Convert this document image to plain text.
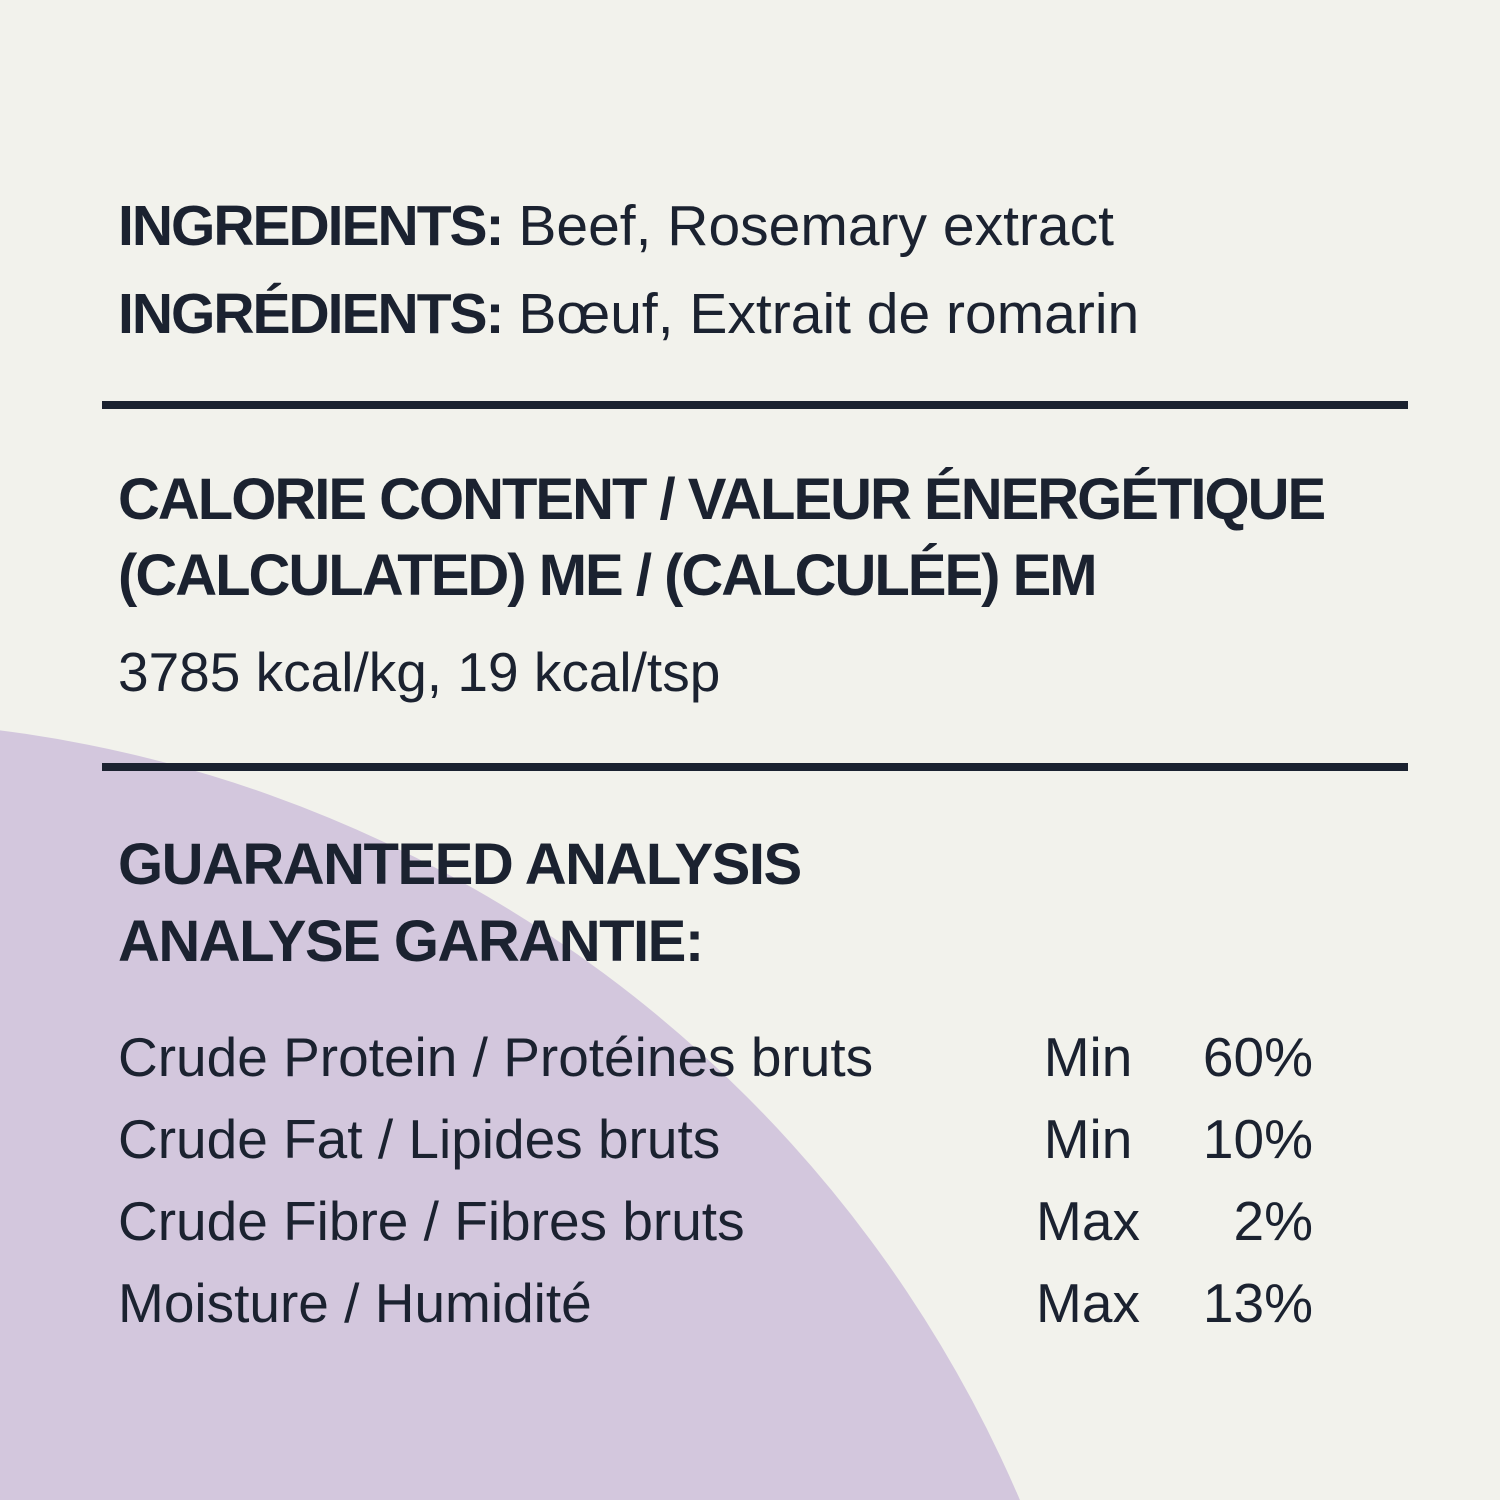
INGREDIENTS: Beef, Rosemary extract
INGRÉDIENTS: Bœuf, Extrait de romarin
CALORIE CONTENT / VALEUR ÉNERGÉTIQUE
(CALCULATED) ME / (CALCULÉE) EM
3785 kcal/kg, 19 kcal/tsp
GUARANTEED ANALYSIS
ANALYSE GARANTIE:
Crude Protein / Protéines bruts	Min	60%
Crude Fat / Lipides bruts	Min	10%
Crude Fibre / Fibres bruts	Max	2%
Moisture / Humidité	Max	13%
